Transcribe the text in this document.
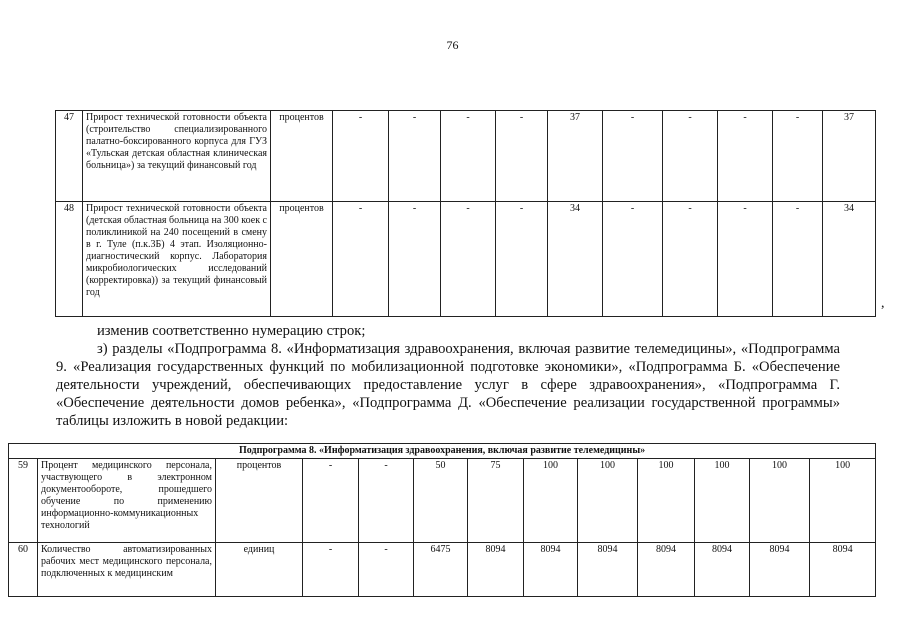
76
47	Прирост технической готовности объекта (строительство специализированного палатно-боксированного корпуса для ГУЗ «Тульская детская областная клиническая больница») за текущий финансовый год	процентов	-	-	-	-	37	-	-	-	-	37
48	Прирост технической готовности объекта (детская областная больница на 300 коек с поликлиникой на 240 посещений в смену в г. Туле (п.к.3Б) 4 этап. Изоляционно-диагностический корпус. Лаборатория микробиологических исследований (корректировка)) за текущий финансовый год	процентов	-	-	-	-	34	-	-	-	-	34
,
изменив соответственно нумерацию строк;
з) разделы «Подпрограмма 8. «Информатизация здравоохранения, включая развитие телемедицины», «Подпрограмма 9. «Реализация государственных функций по мобилизационной подготовке экономики», «Подпрограмма Б. «Обеспечение деятельности учреждений, обеспечивающих предоставление услуг в сфере здравоохранения», «Подпрограмма Г. «Обеспечение деятельности домов ребенка», «Подпрограмма Д. «Обеспечение реализации государственной программы» таблицы изложить в новой редакции:
Подпрограмма 8. «Информатизация здравоохранения, включая развитие телемедицины»												
59	Процент медицинского персонала, участвующего в электронном документообороте, прошедшего обучение по применению информационно-коммуникационных технологий	процентов	-	-	50	75	100	100	100	100	100	100
60	Количество автоматизированных рабочих мест медицинского персонала, подключенных к медицинским	единиц	-	-	6475	8094	8094	8094	8094	8094	8094	8094
